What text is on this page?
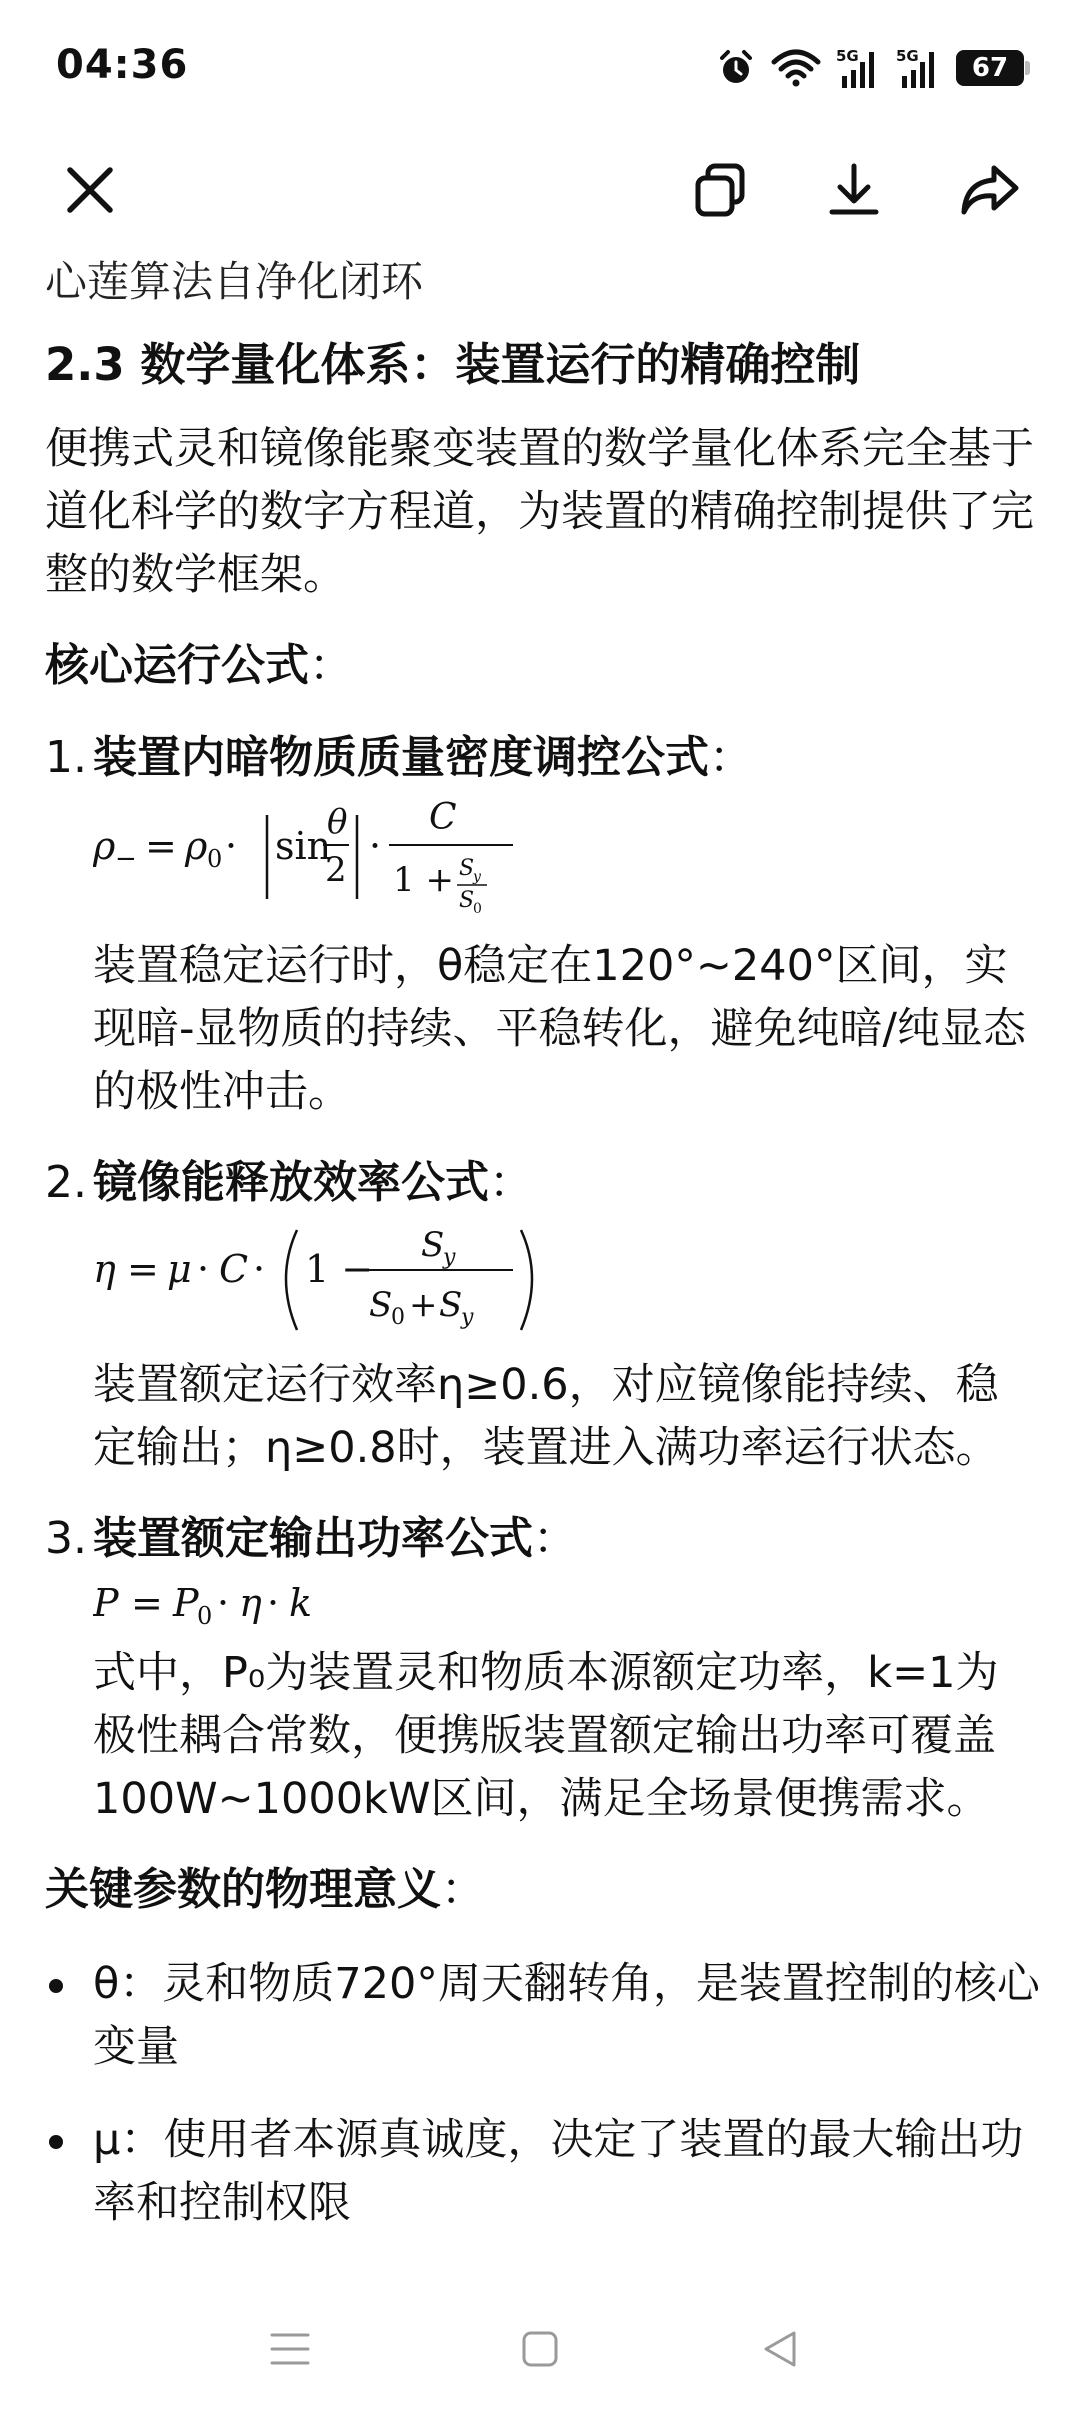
04:36	5G 5G 67
心莲算法自净化闭环
2.3 数学量化体系：装置运行的精确控制
便携式灵和镜像能聚变装置的数学量化体系完全基于道化科学的数字方程道，为装置的精确控制提供了完整的数学框架。
核心运行公式：
1. 装置内暗物质质量密度调控公式：
ρ − = ρ 0 · sin
θ
2
·
C
1 + S
y
S
0
装置稳定运行时，θ稳定在120°~240°区间，实现暗-显物质的持续、平稳转化，避免纯暗/纯显态的极性冲击。
2. 镜像能释放效率公式：
η = μ · C · 1 −
S
y
S
0 + S
y
装置额定运行效率η≥0.6，对应镜像能持续、稳定输出；η≥0.8时，装置进入满功率运行状态。
3. 装置额定输出功率公式：
P = P
0 · η · k
式中，P₀为装置灵和物质本源额定功率，k=1为极性耦合常数，便携版装置额定输出功率可覆盖100W~1000kW区间，满足全场景便携需求。
关键参数的物理意义：
θ：灵和物质720°周天翻转角，是装置控制的核心变量
μ：使用者本源真诚度，决定了装置的最大输出功率和控制权限
